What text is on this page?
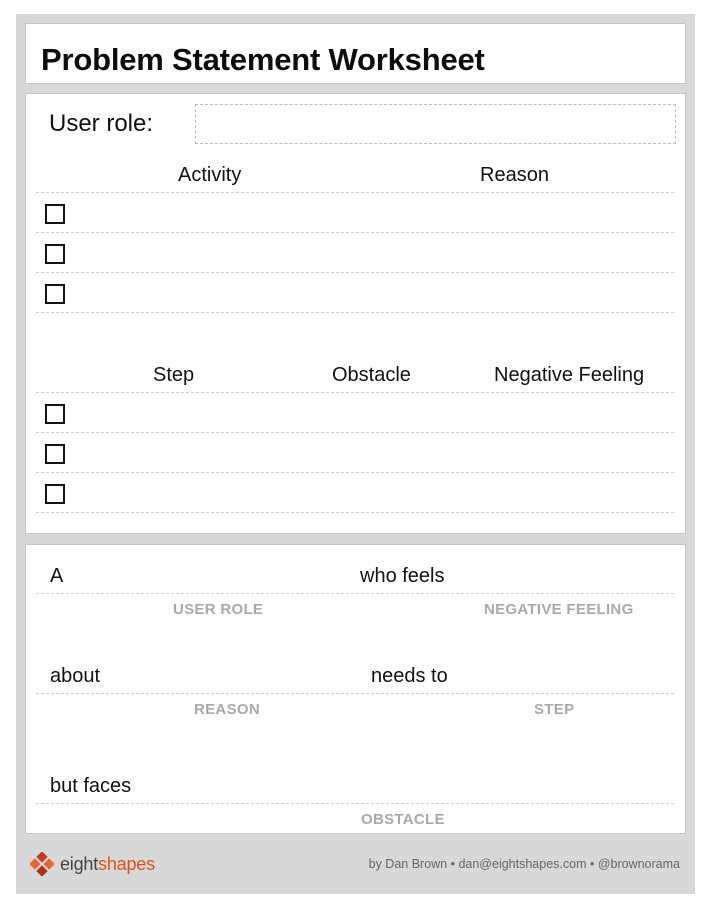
Problem Statement Worksheet
User role:
Activity	Reason
Step	Obstacle	Negative Feeling
A	who feels
USER ROLE	NEGATIVE FEELING
about	needs to
REASON	STEP
but faces
OBSTACLE
eightshapes	by Dan Brown • dan@eightshapes.com • @brownorama
